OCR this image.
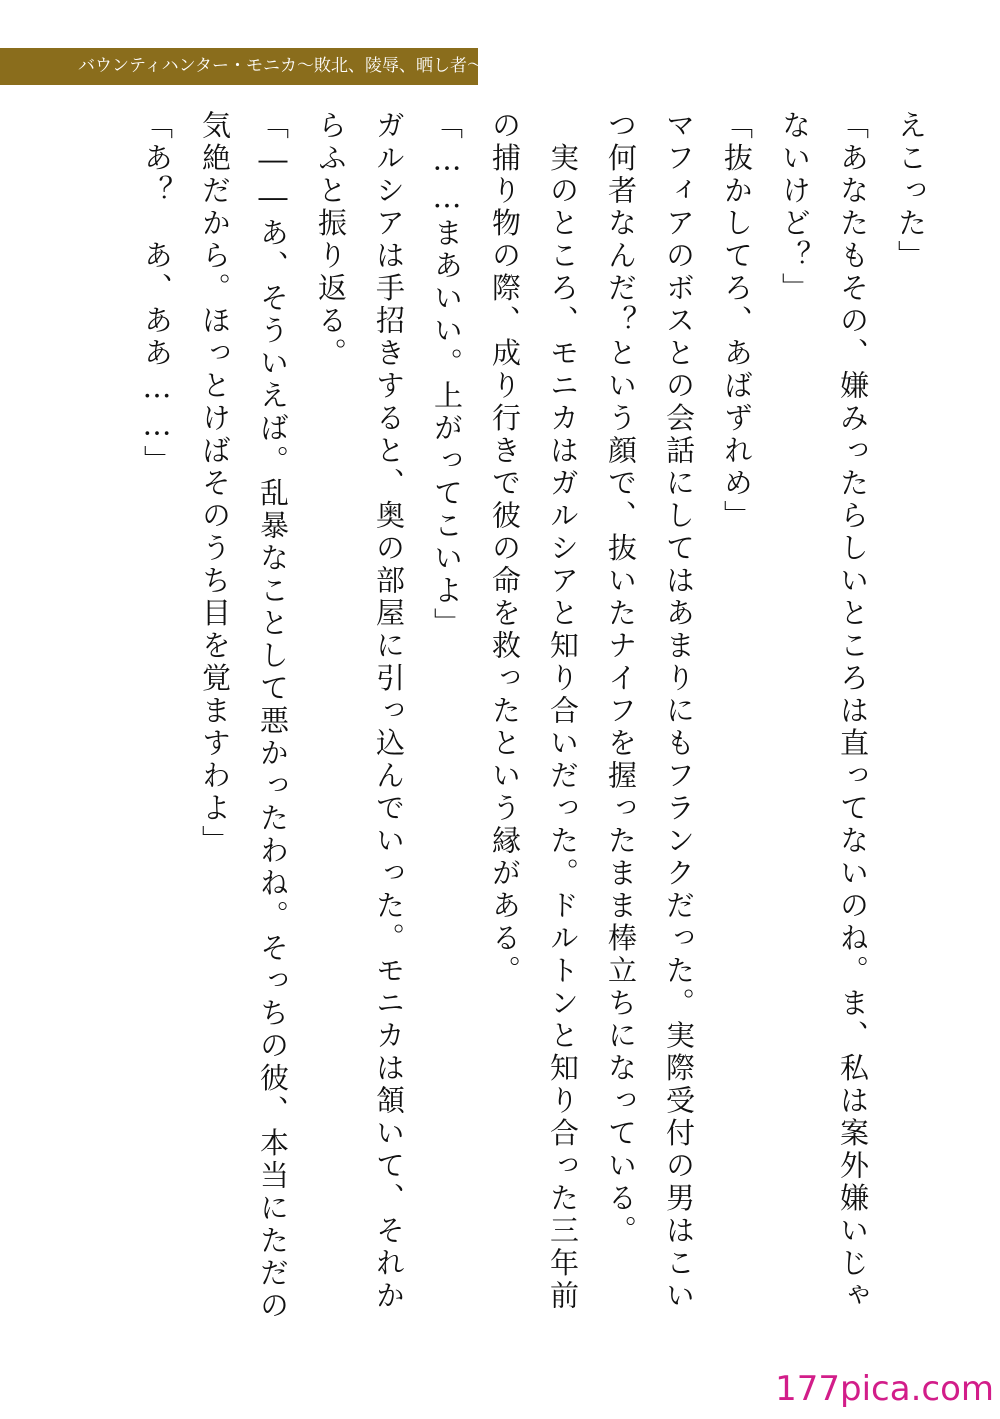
バウンティハンター・モニカ〜敗北、陵辱、晒し者〜

えこった」

「あなたもその、嫌みったらしいところは直ってないのね。ま、私は案外嫌いじゃないけど？」

「抜かしてろ、あばずれめ」

マフィアのボスとの会話にしてはあまりにもフランクだった。実際受付の男はこいつ何者なんだ？という顔で、抜いたナイフを握ったまま棒立ちになっている。

　実のところ、モニカはガルシアと知り合いだった。ドルトンと知り合った三年前の捕り物の際、成り行きで彼の命を救ったという縁がある。

「……まあいい。上がってこいよ」

ガルシアは手招きすると、奥の部屋に引っ込んでいった。モニカは頷いて、それからふと振り返る。

「――あ、そういえば。乱暴なことして悪かったわね。そっちの彼、本当にただの気絶だから。ほっとけばそのうち目を覚ますわよ」

「あ？　あ、ああ……」

177pica.com
